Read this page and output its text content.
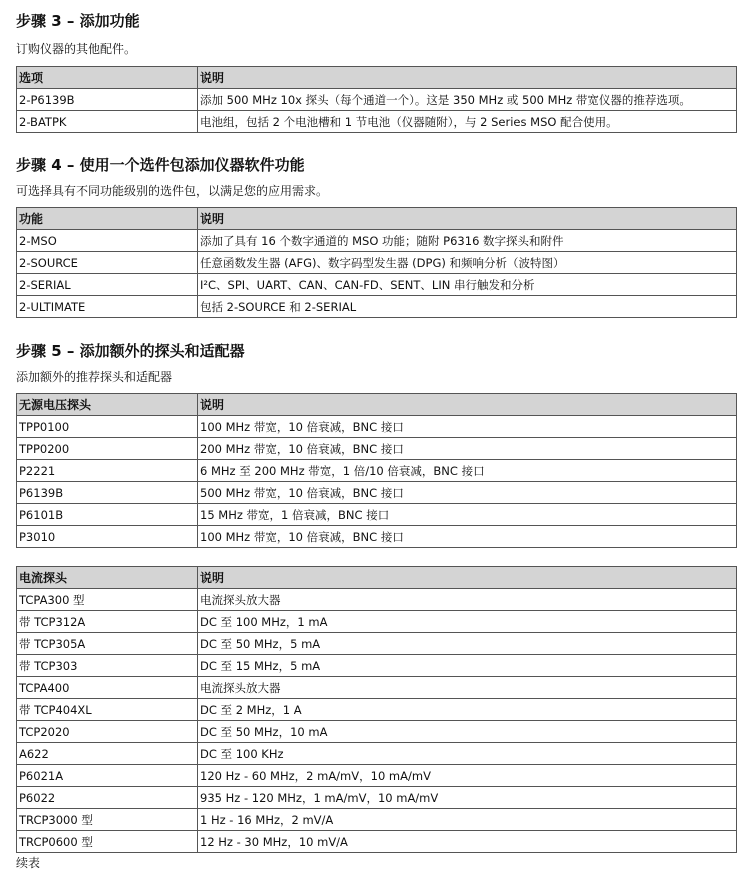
步骤 3 – 添加功能
订购仪器的其他配件。
选项	说明
2-P6139B	添加 500 MHz 10x 探头（每个通道一个）。这是 350 MHz 或 500 MHz 带宽仪器的推荐选项。
2-BATPK	电池组，包括 2 个电池槽和 1 节电池（仪器随附），与 2 Series MSO 配合使用。
步骤 4 – 使用一个选件包添加仪器软件功能
可选择具有不同功能级别的选件包，以满足您的应用需求。
功能	说明
2-MSO	添加了具有 16 个数字通道的 MSO 功能；随附 P6316 数字探头和附件
2-SOURCE	任意函数发生器 (AFG)、数字码型发生器 (DPG) 和频响分析（波特图）
2-SERIAL	I²C、SPI、UART、CAN、CAN-FD、SENT、LIN 串行触发和分析
2-ULTIMATE	包括 2-SOURCE 和 2-SERIAL
步骤 5 – 添加额外的探头和适配器
添加额外的推荐探头和适配器
无源电压探头	说明
TPP0100	100 MHz 带宽，10 倍衰减，BNC 接口
TPP0200	200 MHz 带宽，10 倍衰减，BNC 接口
P2221	6 MHz 至 200 MHz 带宽，1 倍/10 倍衰减，BNC 接口
P6139B	500 MHz 带宽，10 倍衰减，BNC 接口
P6101B	15 MHz 带宽，1 倍衰减，BNC 接口
P3010	100 MHz 带宽，10 倍衰减，BNC 接口
电流探头	说明
TCPA300 型	电流探头放大器
带 TCP312A	DC 至 100 MHz，1 mA
带 TCP305A	DC 至 50 MHz，5 mA
带 TCP303	DC 至 15 MHz，5 mA
TCPA400	电流探头放大器
带 TCP404XL	DC 至 2 MHz，1 A
TCP2020	DC 至 50 MHz，10 mA
A622	DC 至 100 KHz
P6021A	120 Hz - 60 MHz，2 mA/mV，10 mA/mV
P6022	935 Hz - 120 MHz，1 mA/mV，10 mA/mV
TRCP3000 型	1 Hz - 16 MHz，2 mV/A
TRCP0600 型	12 Hz - 30 MHz，10 mV/A
续表
